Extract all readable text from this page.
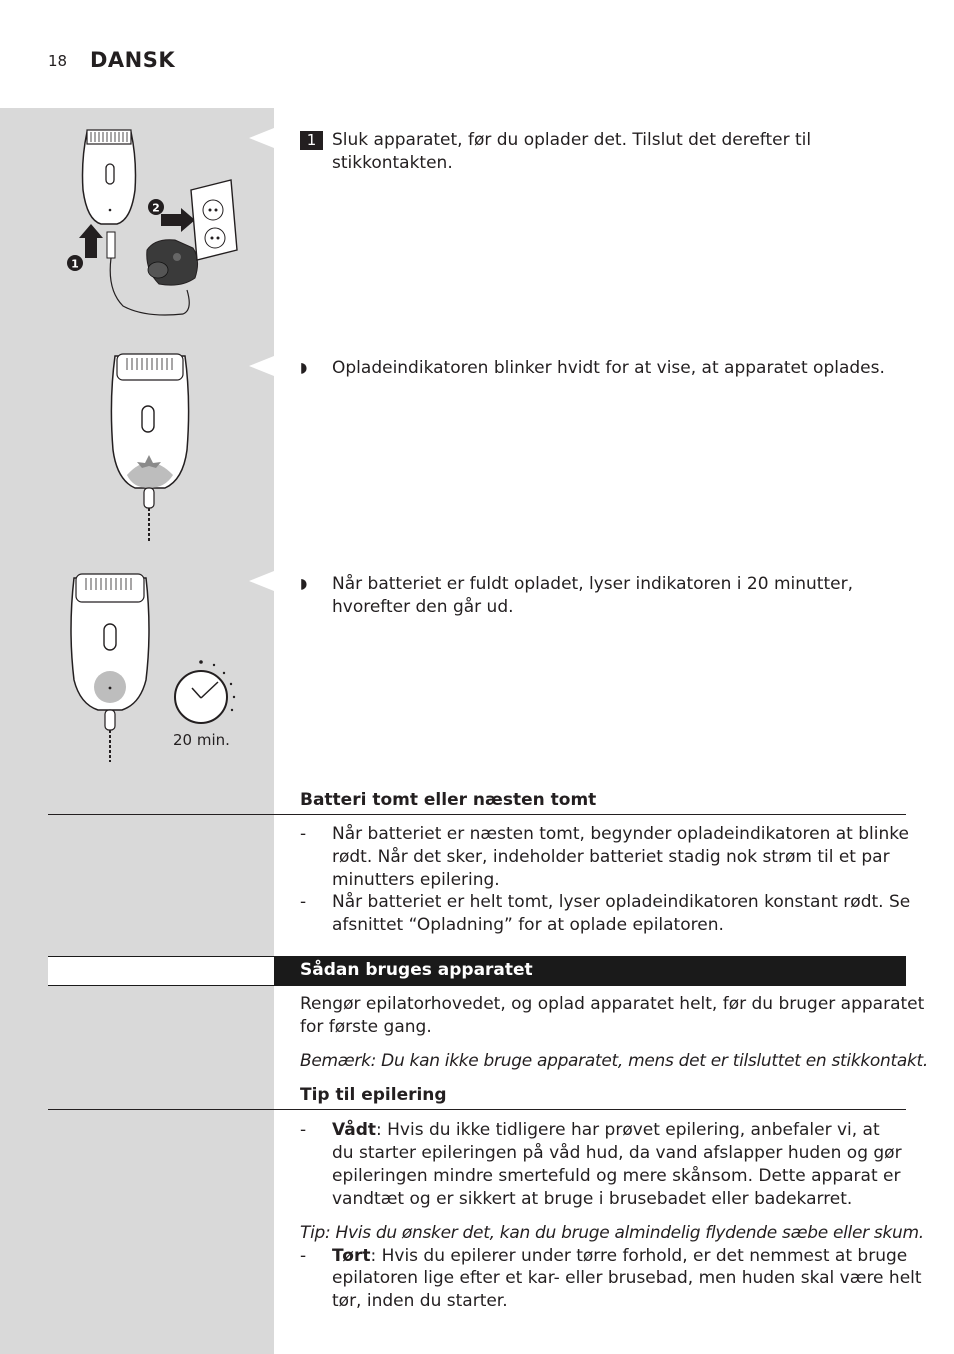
18 DANSK
1
2
20 min.
1 Sluk apparatet, før du oplader det. Tilslut det derefter til
stikkontakten.
◗ Opladeindikatoren blinker hvidt for at vise, at apparatet oplades.
◗ Når batteriet er fuldt opladet, lyser indikatoren i 20 minutter,
hvorefter den går ud.
Batteri tomt eller næsten tomt
- Når batteriet er næsten tomt, begynder opladeindikatoren at blinke
rødt. Når det sker, indeholder batteriet stadig nok strøm til et par
minutters epilering.
- Når batteriet er helt tomt, lyser opladeindikatoren konstant rødt. Se
afsnittet “Opladning” for at oplade epilatoren.
Sådan bruges apparatet
Rengør epilatorhovedet, og oplad apparatet helt, før du bruger apparatet
for første gang.
Bemærk: Du kan ikke bruge apparatet, mens det er tilsluttet en stikkontakt.
Tip til epilering
- Vådt: Hvis du ikke tidligere har prøvet epilering, anbefaler vi, at
du starter epileringen på våd hud, da vand afslapper huden og gør
epileringen mindre smertefuld og mere skånsom. Dette apparat er
vandtæt og er sikkert at bruge i brusebadet eller badekarret.
Tip: Hvis du ønsker det, kan du bruge almindelig flydende sæbe eller skum.
- Tørt: Hvis du epilerer under tørre forhold, er det nemmest at bruge
epilatoren lige efter et kar- eller brusebad, men huden skal være helt
tør, inden du starter.
